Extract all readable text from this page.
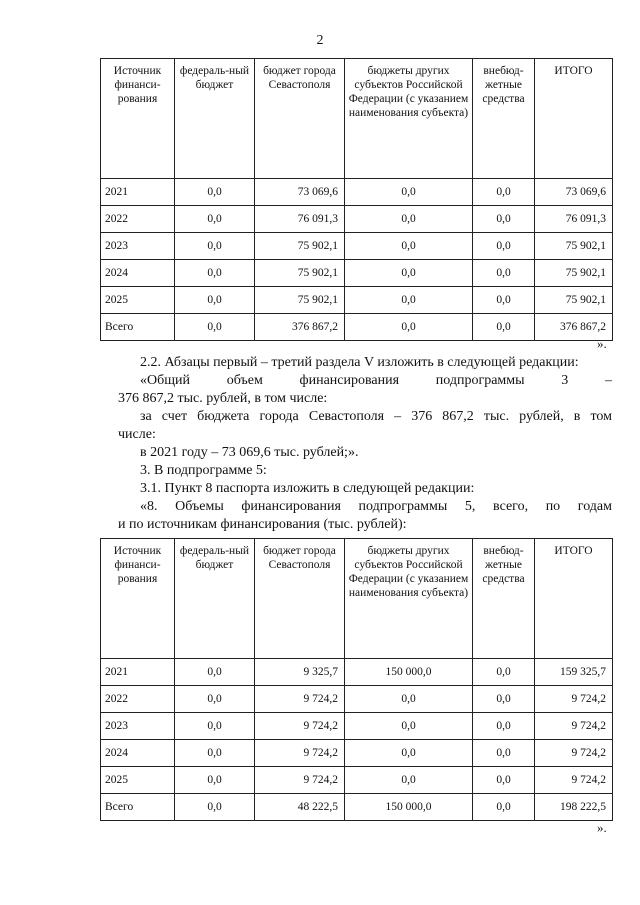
2
Источник финанси-рования	федераль-ный бюджет	бюджет города Севастополя	бюджеты других субъектов Российской Федерации (с указанием наименования субъекта)	внебюд-жетные средства	ИТОГО
2021	0,0	73 069,6	0,0	0,0	73 069,6
2022	0,0	76 091,3	0,0	0,0	76 091,3
2023	0,0	75 902,1	0,0	0,0	75 902,1
2024	0,0	75 902,1	0,0	0,0	75 902,1
2025	0,0	75 902,1	0,0	0,0	75 902,1
Всего	0,0	376 867,2	0,0	0,0	376 867,2
».
2.2. Абзацы первый – третий раздела V изложить в следующей редакции:
«Общий объем финансирования подпрограммы 3 –
376 867,2 тыс. рублей, в том числе:
за счет бюджета города Севастополя – 376 867,2 тыс. рублей, в том
числе:
в 2021 году – 73 069,6 тыс. рублей;».
3. В подпрограмме 5:
3.1. Пункт 8 паспорта изложить в следующей редакции:
«8. Объемы финансирования подпрограммы 5, всего, по годам
и по источникам финансирования (тыс. рублей):
Источник финанси-рования	федераль-ный бюджет	бюджет города Севастополя	бюджеты других субъектов Российской Федерации (с указанием наименования субъекта)	внебюд-жетные средства	ИТОГО
2021	0,0	9 325,7	150 000,0	0,0	159 325,7
2022	0,0	9 724,2	0,0	0,0	9 724,2
2023	0,0	9 724,2	0,0	0,0	9 724,2
2024	0,0	9 724,2	0,0	0,0	9 724,2
2025	0,0	9 724,2	0,0	0,0	9 724,2
Всего	0,0	48 222,5	150 000,0	0,0	198 222,5
».
